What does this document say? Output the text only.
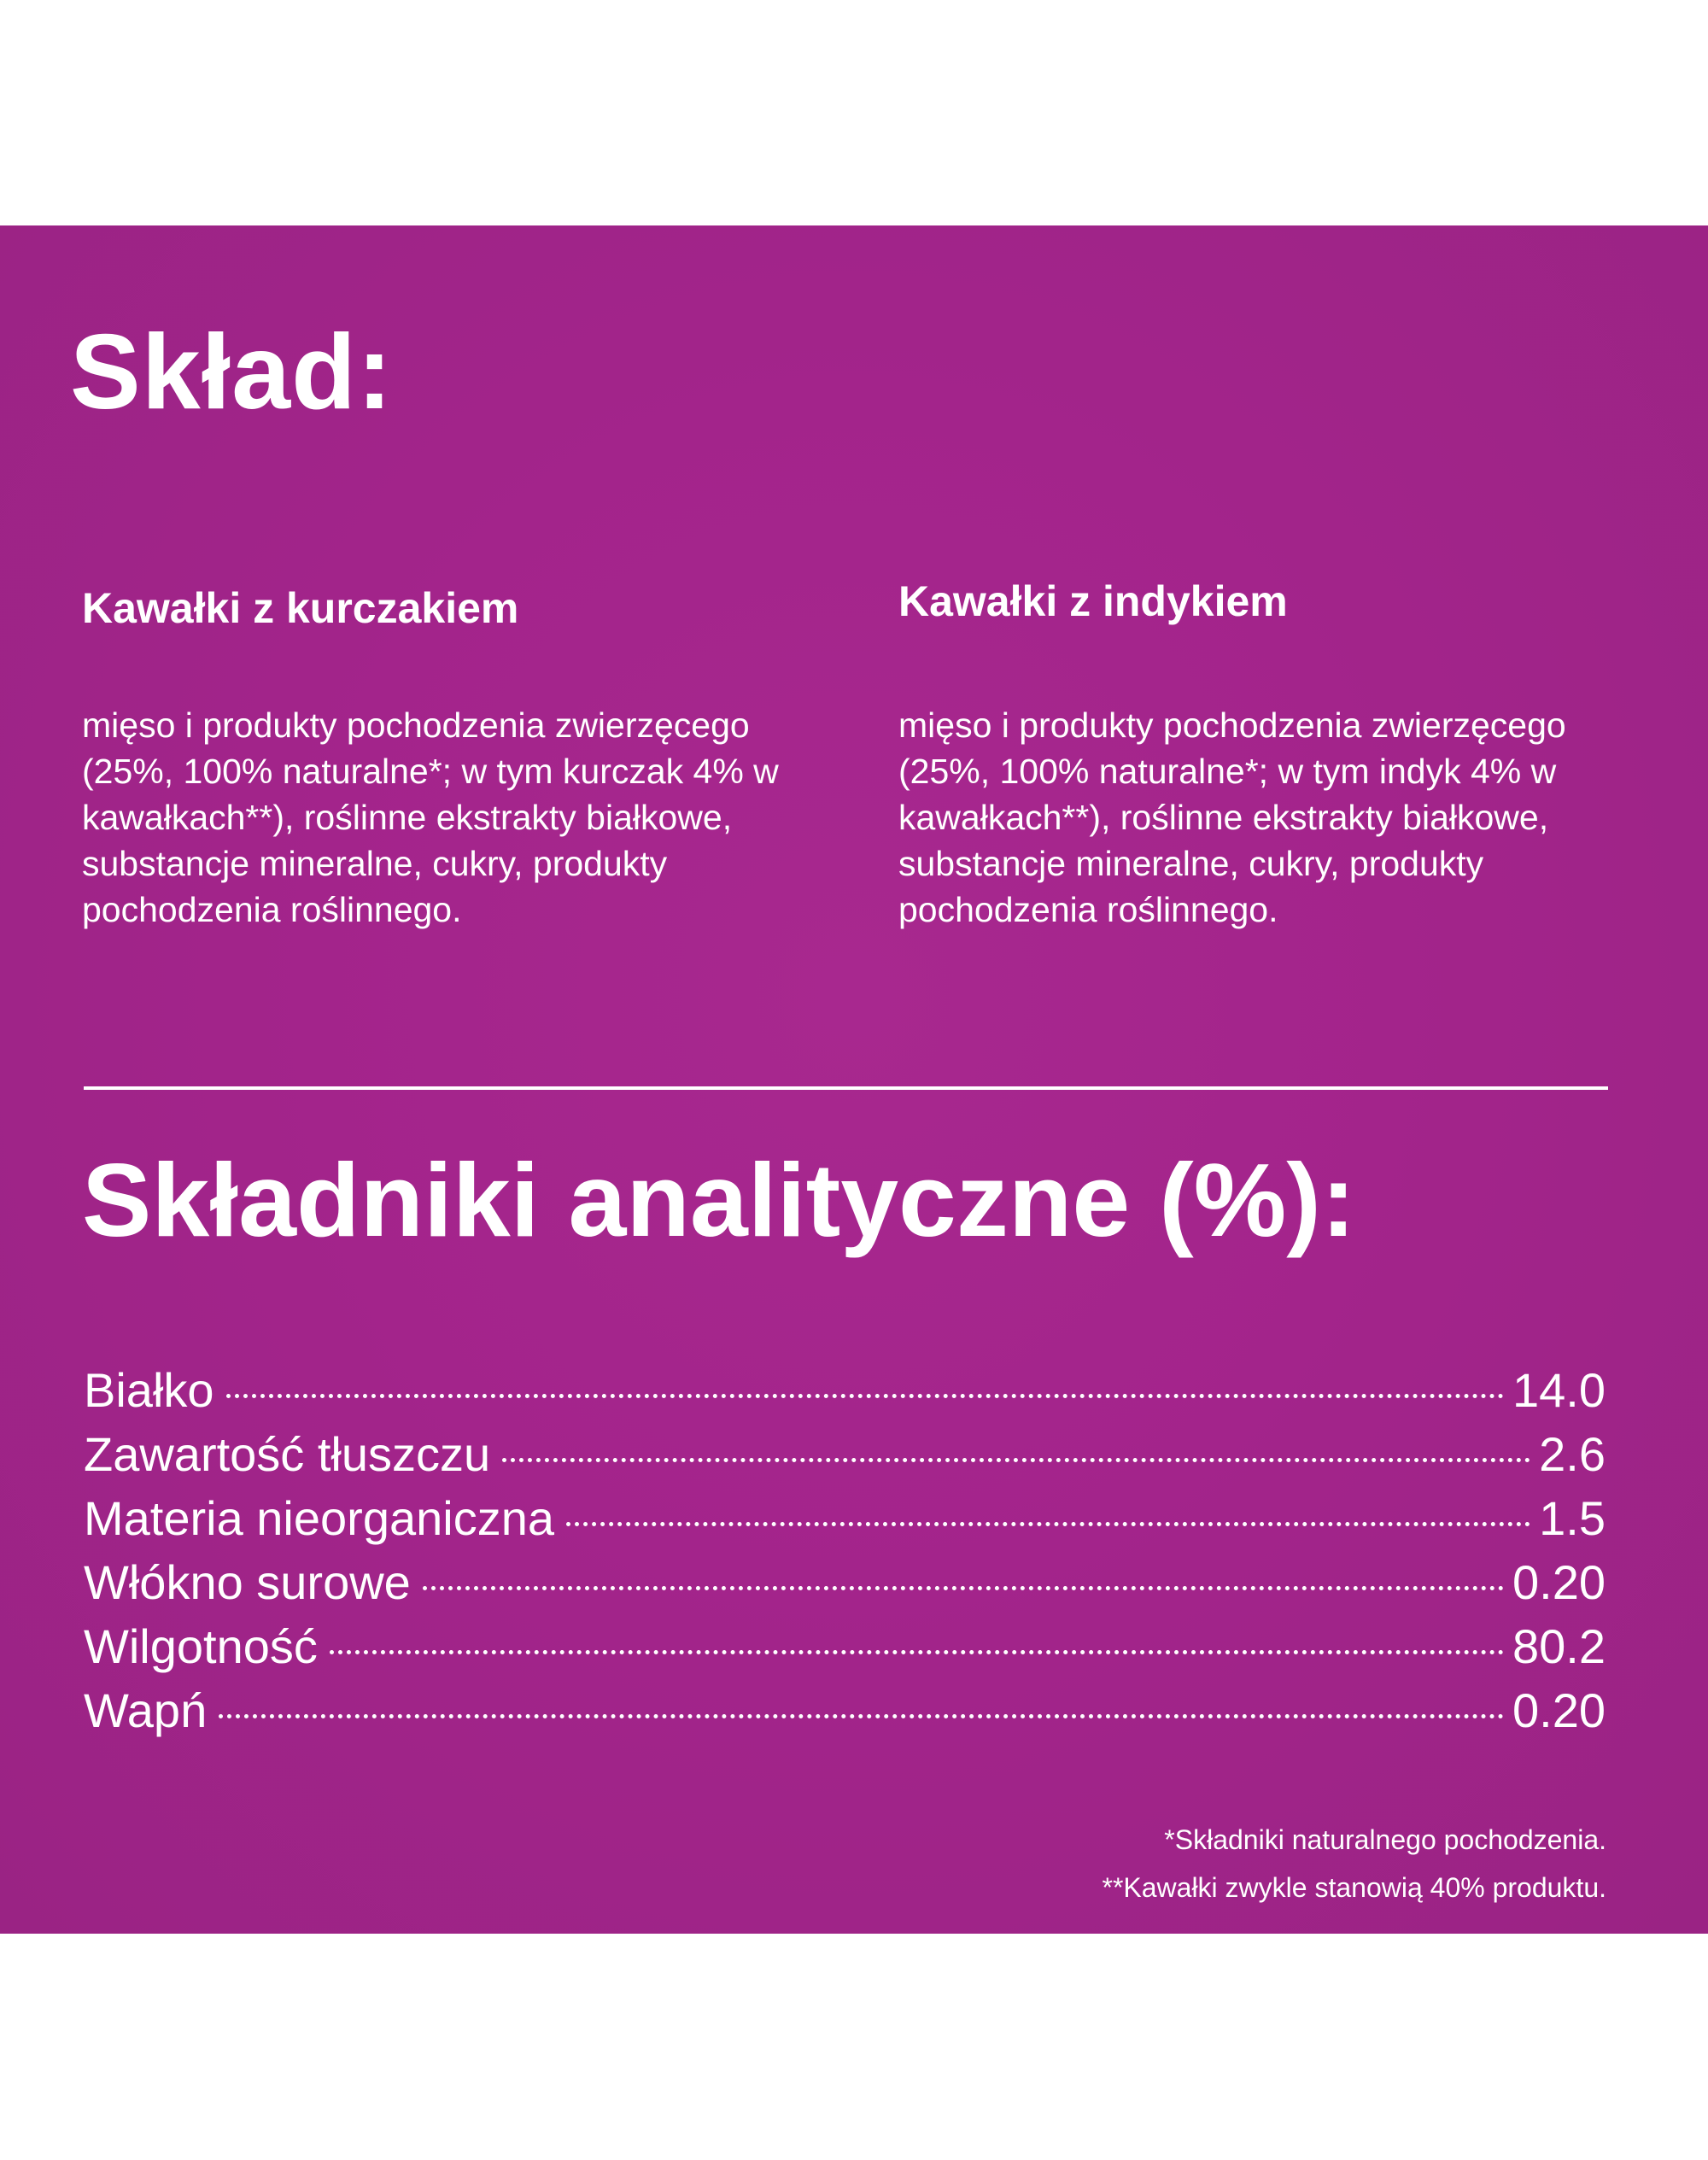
Skład:
Kawałki z kurczakiem

mięso i produkty pochodzenia zwierzęcego (25%, 100% naturalne*; w tym kurczak 4% w kawałkach**), roślinne ekstrakty białkowe, substancje mineralne, cukry, produkty pochodzenia roślinnego.

Kawałki z indykiem

mięso i produkty pochodzenia zwierzęcego (25%, 100% naturalne*; w tym indyk 4% w kawałkach**), roślinne ekstrakty białkowe, substancje mineralne, cukry, produkty pochodzenia roślinnego.

Składniki analityczne (%):
Białko	14.0
Zawartość tłuszczu	2.6
Materia nieorganiczna	1.5
Włókno surowe	0.20
Wilgotność	80.2
Wapń	0.20

*Składniki naturalnego pochodzenia.

**Kawałki zwykle stanowią 40% produktu.
